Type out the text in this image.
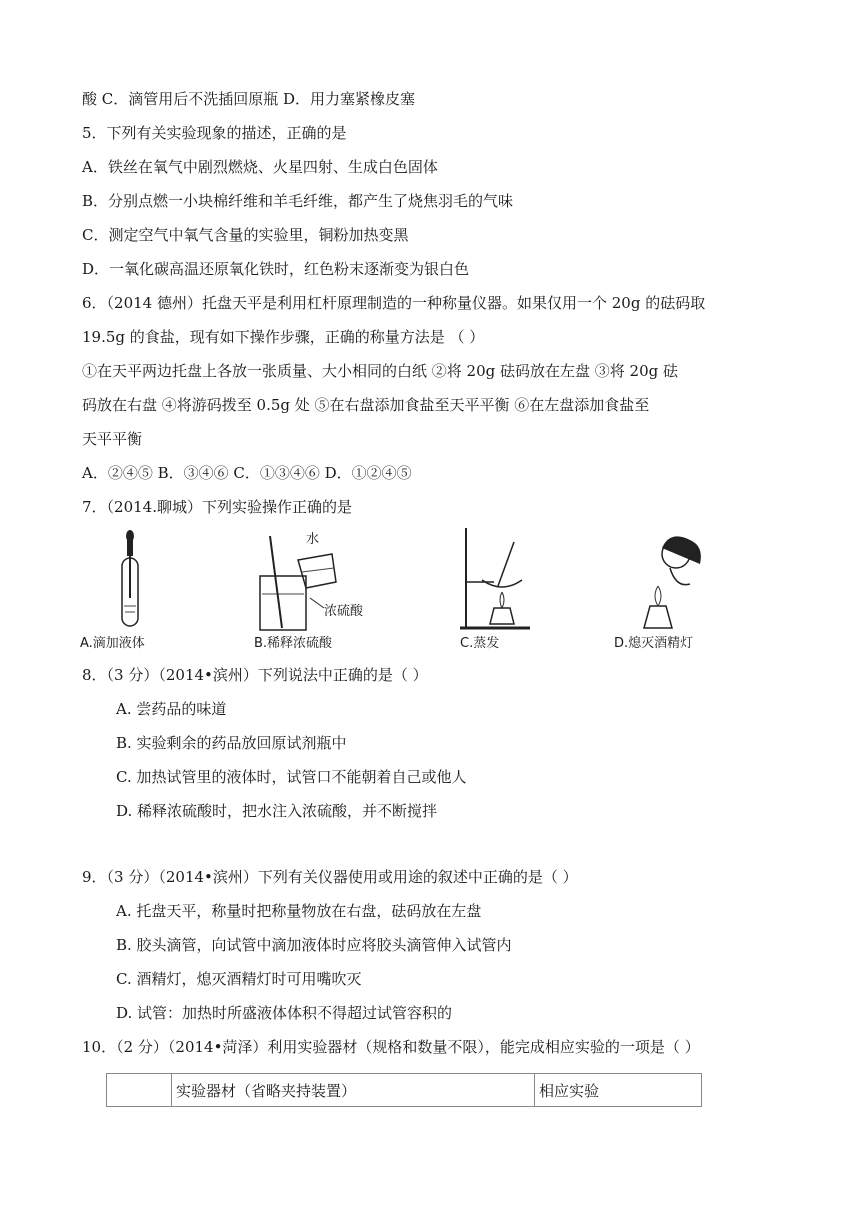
酸 C．滴管用后不洗插回原瓶 D．用力塞紧橡皮塞
5．下列有关实验现象的描述，正确的是
A．铁丝在氧气中剧烈燃烧、火星四射、生成白色固体
B．分别点燃一小块棉纤维和羊毛纤维，都产生了烧焦羽毛的气味
C．测定空气中氧气含量的实验里，铜粉加热变黑
D．一氧化碳高温还原氧化铁时，红色粉末逐渐变为银白色
6．（2014 德州）托盘天平是利用杠杆原理制造的一种称量仪器。如果仅用一个 20g 的砝码取
19.5g 的食盐，现有如下操作步骤，正确的称量方法是 （ ）
①在天平两边托盘上各放一张质量、大小相同的白纸 ②将 20g 砝码放在左盘 ③将 20g 砝
码放在右盘 ④将游码拨至 0.5g 处 ⑤在右盘添加食盐至天平平衡 ⑥在左盘添加食盐至
天平平衡
A．②④⑤ B．③④⑥ C．①③④⑥ D．①②④⑤
7．（2014.聊城）下列实验操作正确的是
A.滴加液体
水
浓硫酸
B.稀释浓硫酸	C.蒸发	D.熄灭酒精灯
8．（3 分）（2014•滨州）下列说法中正确的是（ ）
A. 尝药品的味道
B. 实验剩余的药品放回原试剂瓶中
C. 加热试管里的液体时，试管口不能朝着自己或他人
D. 稀释浓硫酸时，把水注入浓硫酸，并不断搅拌
9．（3 分）（2014•滨州）下列有关仪器使用或用途的叙述中正确的是（ ）
A. 托盘天平，称量时把称量物放在右盘，砝码放在左盘
B. 胶头滴管，向试管中滴加液体时应将胶头滴管伸入试管内
C. 酒精灯，熄灭酒精灯时可用嘴吹灭
D. 试管：加热时所盛液体体积不得超过试管容积的
10．（2 分）（2014•菏泽）利用实验器材（规格和数量不限），能完成相应实验的一项是（ ）
	实验器材（省略夹持装置）	相应实验
